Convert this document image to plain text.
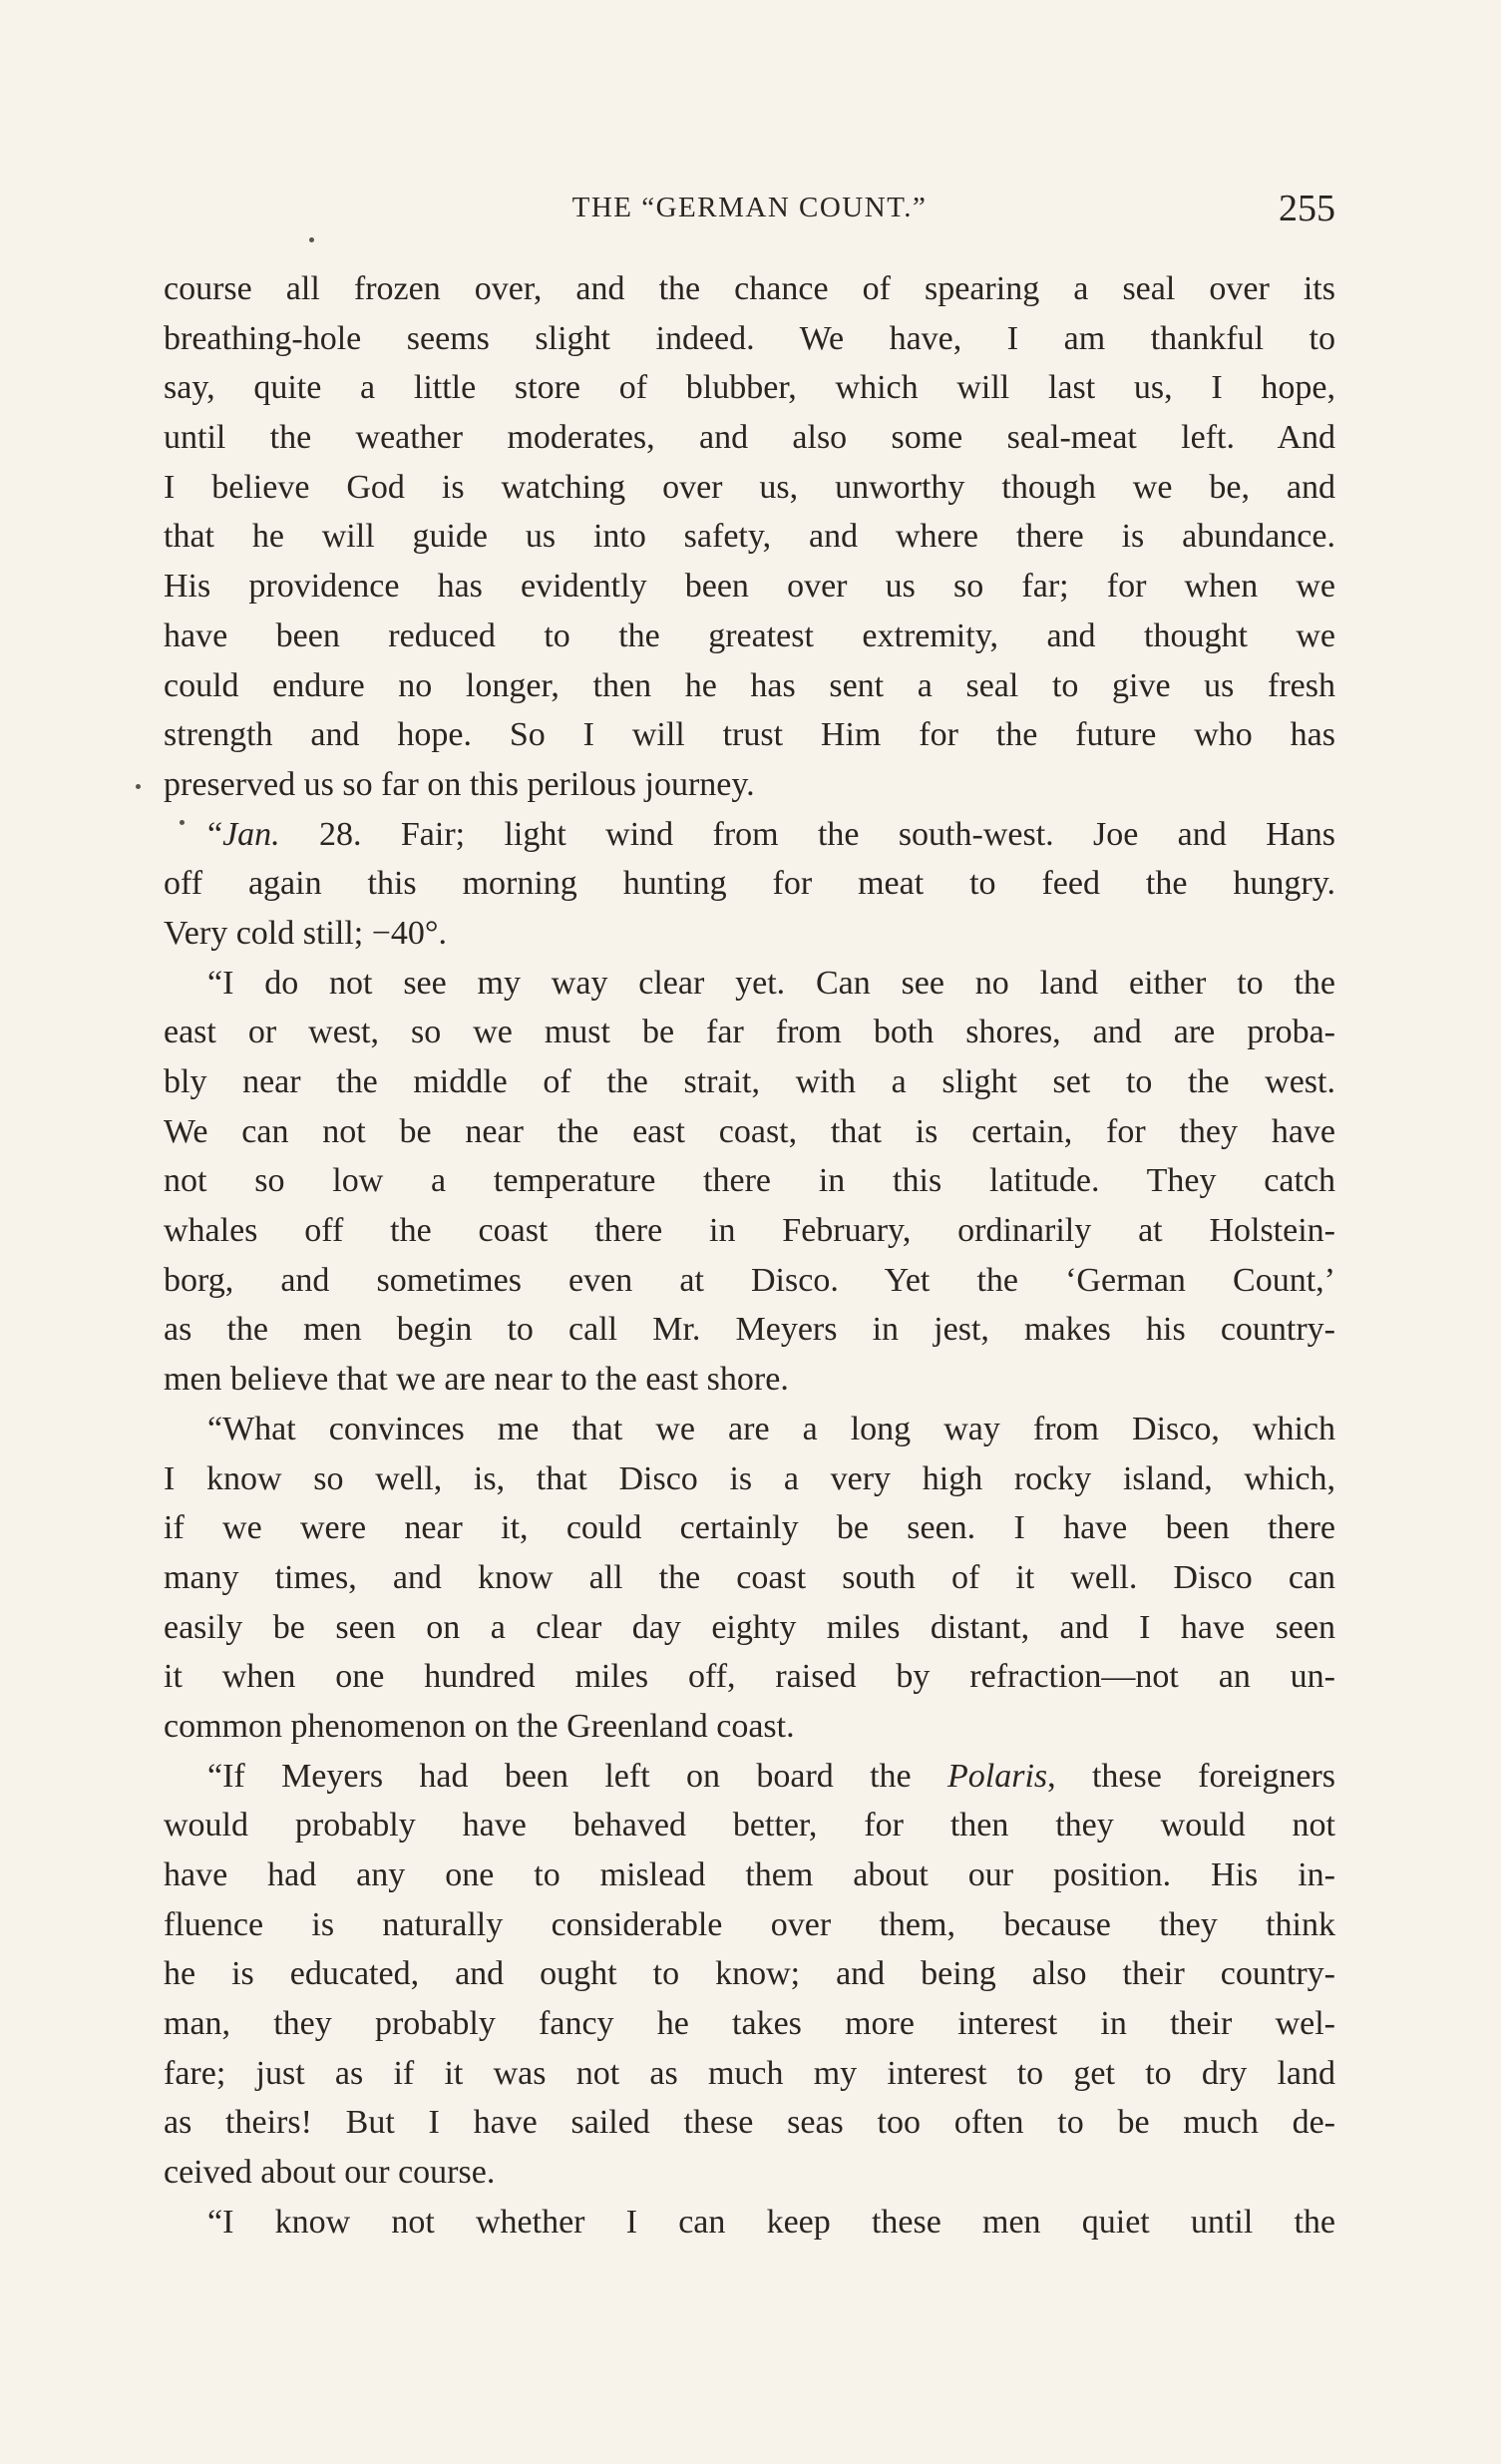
THE “GERMAN COUNT.”	255
course all frozen over, and the chance of spearing a seal over its
breathing-hole seems slight indeed. We have, I am thankful to
say, quite a little store of blubber, which will last us, I hope,
until the weather moderates, and also some seal-meat left. And
I believe God is watching over us, unworthy though we be, and
that he will guide us into safety, and where there is abundance.
His providence has evidently been over us so far; for when we
have been reduced to the greatest extremity, and thought we
could endure no longer, then he has sent a seal to give us fresh
strength and hope. So I will trust Him for the future who has
preserved us so far on this perilous journey.
“Jan. 28. Fair; light wind from the south-west. Joe and Hans
off again this morning hunting for meat to feed the hungry.
Very cold still; −40°.
“I do not see my way clear yet. Can see no land either to the
east or west, so we must be far from both shores, and are proba-
bly near the middle of the strait, with a slight set to the west.
We can not be near the east coast, that is certain, for they have
not so low a temperature there in this latitude. They catch
whales off the coast there in February, ordinarily at Holstein-
borg, and sometimes even at Disco. Yet the ‘German Count,’
as the men begin to call Mr. Meyers in jest, makes his country-
men believe that we are near to the east shore.
“What convinces me that we are a long way from Disco, which
I know so well, is, that Disco is a very high rocky island, which,
if we were near it, could certainly be seen. I have been there
many times, and know all the coast south of it well. Disco can
easily be seen on a clear day eighty miles distant, and I have seen
it when one hundred miles off, raised by refraction—not an un-
common phenomenon on the Greenland coast.
“If Meyers had been left on board the Polaris, these foreigners
would probably have behaved better, for then they would not
have had any one to mislead them about our position. His in-
fluence is naturally considerable over them, because they think
he is educated, and ought to know; and being also their country-
man, they probably fancy he takes more interest in their wel-
fare; just as if it was not as much my interest to get to dry land
as theirs! But I have sailed these seas too often to be much de-
ceived about our course.
“I know not whether I can keep these men quiet until the
